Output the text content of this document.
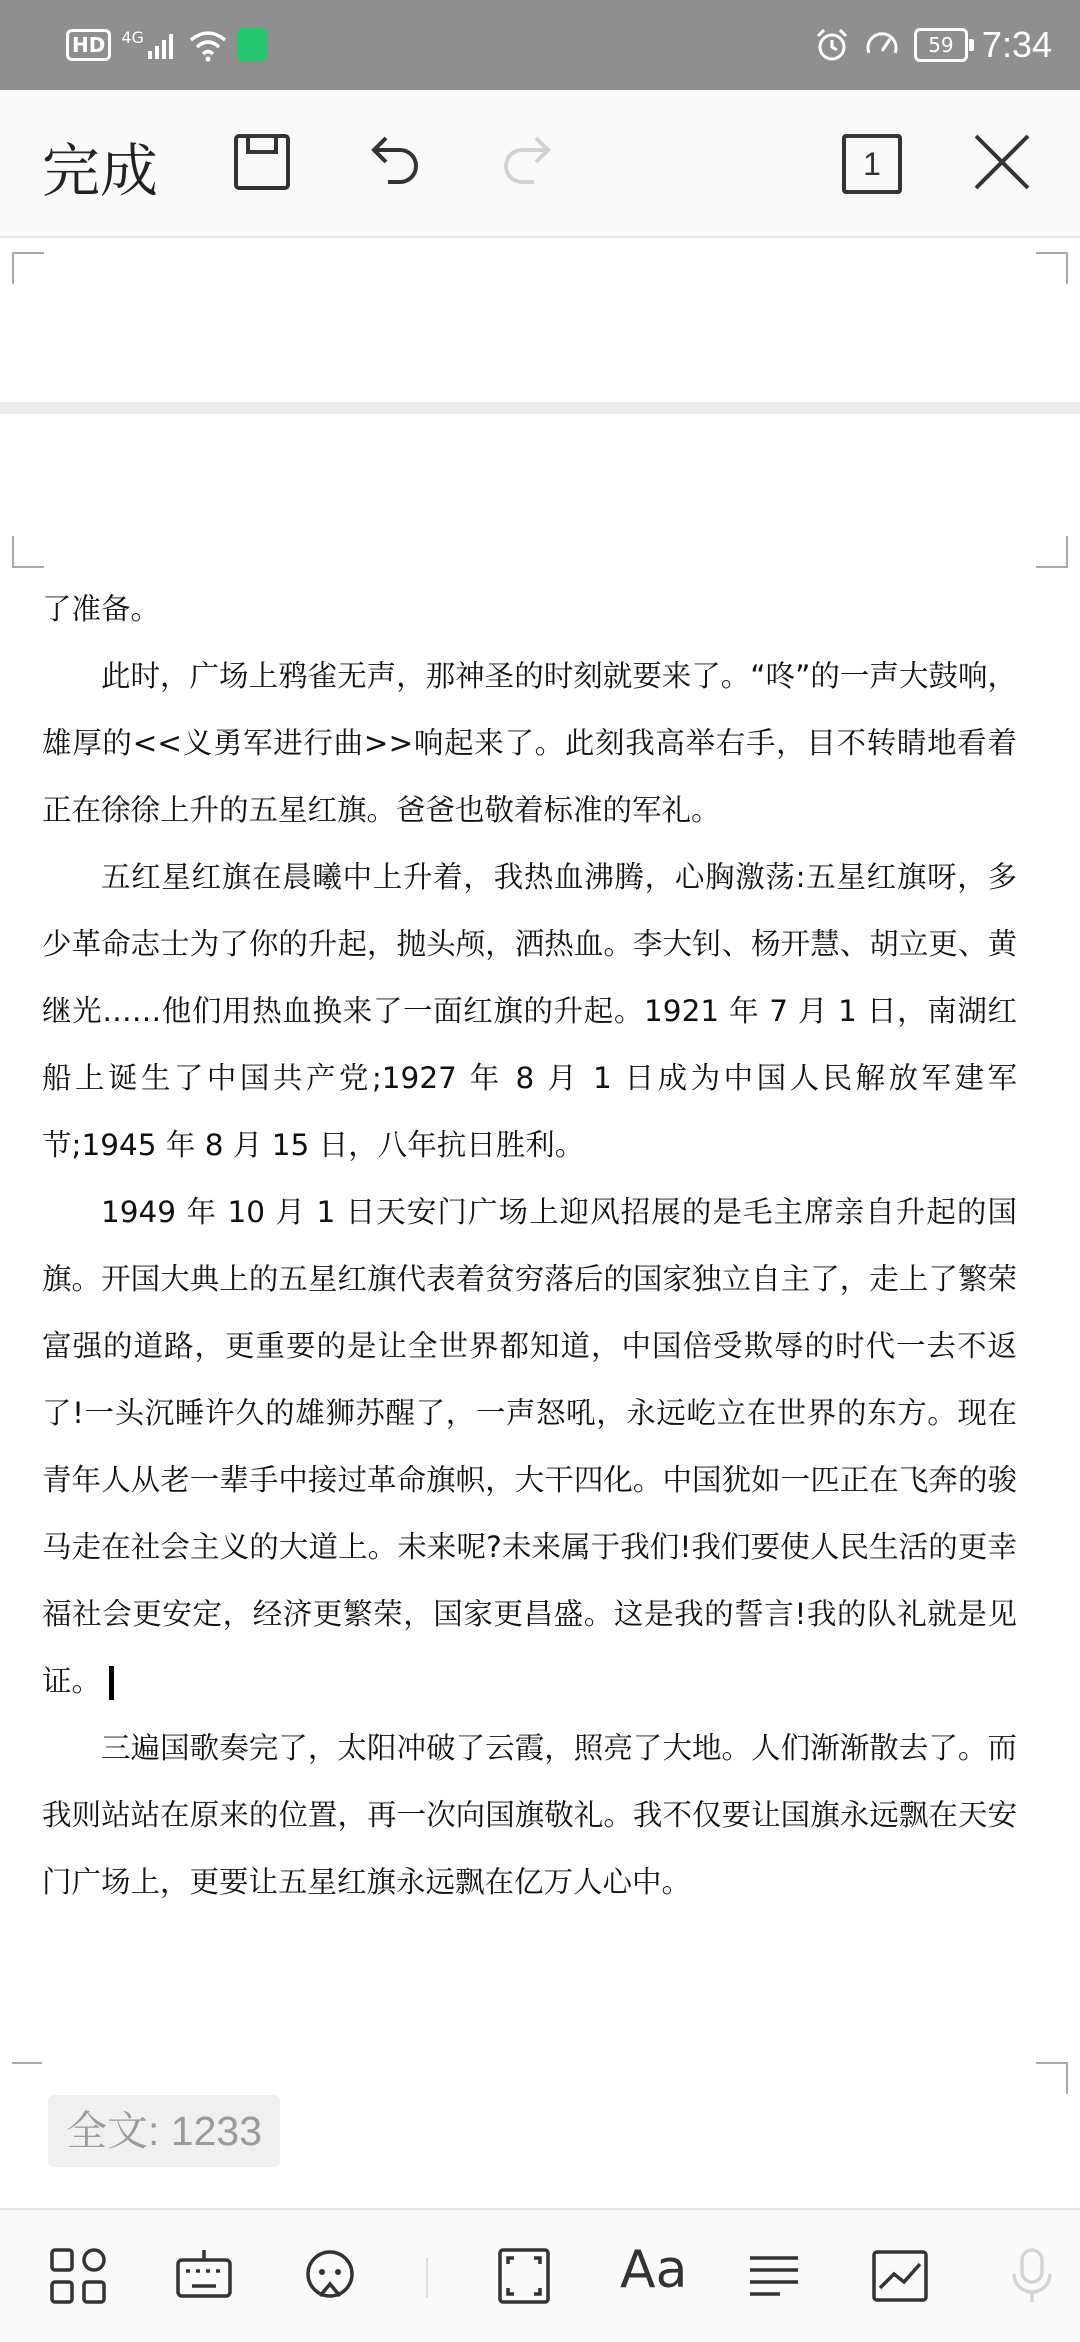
HD	4G	59 7:34
完成	1

了准备。

此时，广场上鸦雀无声，那神圣的时刻就要来了。“咚”的一声大鼓响，雄厚的<<义勇军进行曲>>响起来了。此刻我高举右手，目不转睛地看着正在徐徐上升的五星红旗。爸爸也敬着标准的军礼。

五红星红旗在晨曦中上升着，我热血沸腾，心胸激荡:五星红旗呀，多少革命志士为了你的升起，抛头颅，洒热血。李大钊、杨开慧、胡立更、黄继光……他们用热血换来了一面红旗的升起。1921 年 7 月 1 日，南湖红船上诞生了中国共产党;1927 年 8 月 1 日成为中国人民解放军建军节;1945 年 8 月 15 日，八年抗日胜利。

1949 年 10 月 1 日天安门广场上迎风招展的是毛主席亲自升起的国旗。开国大典上的五星红旗代表着贫穷落后的国家独立自主了，走上了繁荣富强的道路，更重要的是让全世界都知道，中国倍受欺辱的时代一去不返了!一头沉睡许久的雄狮苏醒了，一声怒吼，永远屹立在世界的东方。现在青年人从老一辈手中接过革命旗帜，大干四化。中国犹如一匹正在飞奔的骏马走在社会主义的大道上。未来呢?未来属于我们!我们要使人民生活的更幸福社会更安定，经济更繁荣，国家更昌盛。这是我的誓言!我的队礼就是见证。

三遍国歌奏完了，太阳冲破了云霞，照亮了大地。人们渐渐散去了。而我则站站在原来的位置，再一次向国旗敬礼。我不仅要让国旗永远飘在天安门广场上，更要让五星红旗永远飘在亿万人心中。

全文: 1233
Aa
